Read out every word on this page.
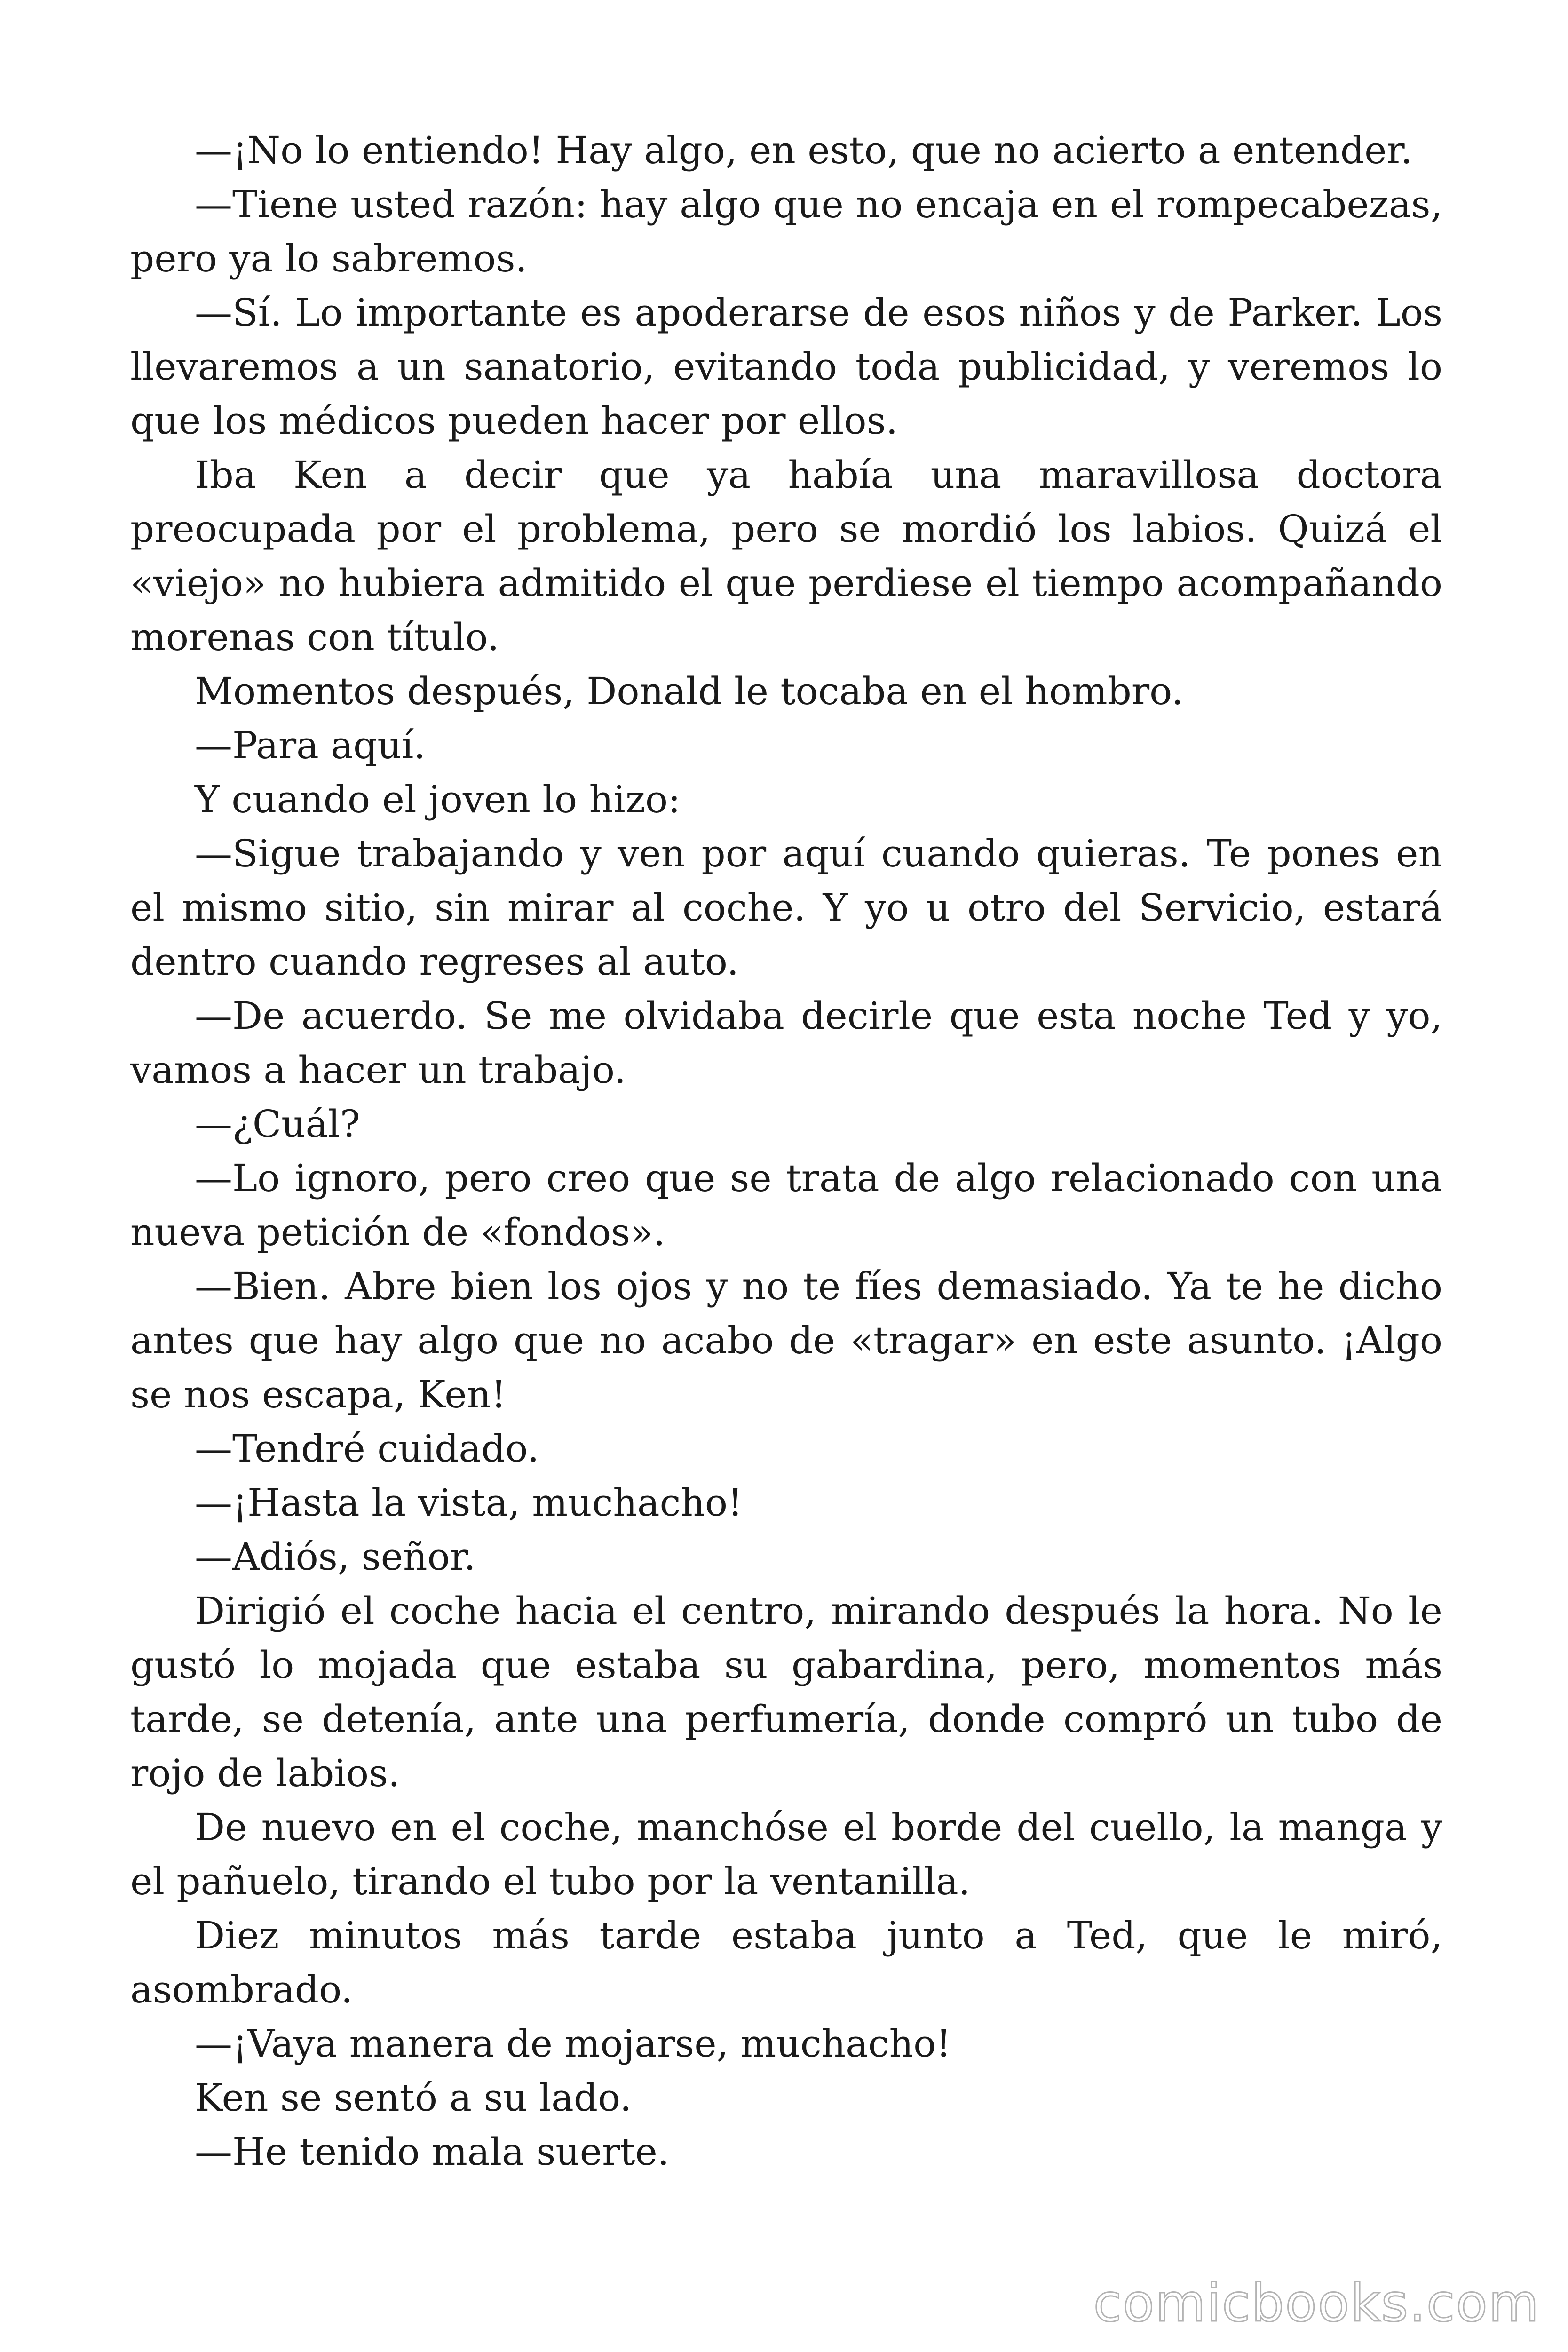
—¡No lo entiendo! Hay algo, en esto, que no acierto a entender.

—Tiene usted razón: hay algo que no encaja en el rompecabezas, pero ya lo sabremos.

—Sí. Lo importante es apoderarse de esos niños y de Parker. Los llevaremos a un sanatorio, evitando toda publicidad, y veremos lo que los médicos pueden hacer por ellos.

Iba Ken a decir que ya había una maravillosa doctora preocupada por el problema, pero se mordió los labios. Quizá el «viejo» no hubiera admitido el que perdiese el tiempo acompañando morenas con título.

Momentos después, Donald le tocaba en el hombro.

—Para aquí.

Y cuando el joven lo hizo:

—Sigue trabajando y ven por aquí cuando quieras. Te pones en el mismo sitio, sin mirar al coche. Y yo u otro del Servicio, estará dentro cuando regreses al auto.

—De acuerdo. Se me olvidaba decirle que esta noche Ted y yo, vamos a hacer un trabajo.

—¿Cuál?

—Lo ignoro, pero creo que se trata de algo relacionado con una nueva petición de «fondos».

—Bien. Abre bien los ojos y no te fíes demasiado. Ya te he dicho antes que hay algo que no acabo de «tragar» en este asunto. ¡Algo se nos escapa, Ken!

—Tendré cuidado.

—¡Hasta la vista, muchacho!

—Adiós, señor.

Dirigió el coche hacia el centro, mirando después la hora. No le gustó lo mojada que estaba su gabardina, pero, momentos más tarde, se detenía, ante una perfumería, donde compró un tubo de rojo de labios.

De nuevo en el coche, manchóse el borde del cuello, la manga y el pañuelo, tirando el tubo por la ventanilla.

Diez minutos más tarde estaba junto a Ted, que le miró, asombrado.

—¡Vaya manera de mojarse, muchacho!

Ken se sentó a su lado.

—He tenido mala suerte.

comicbooks.com
